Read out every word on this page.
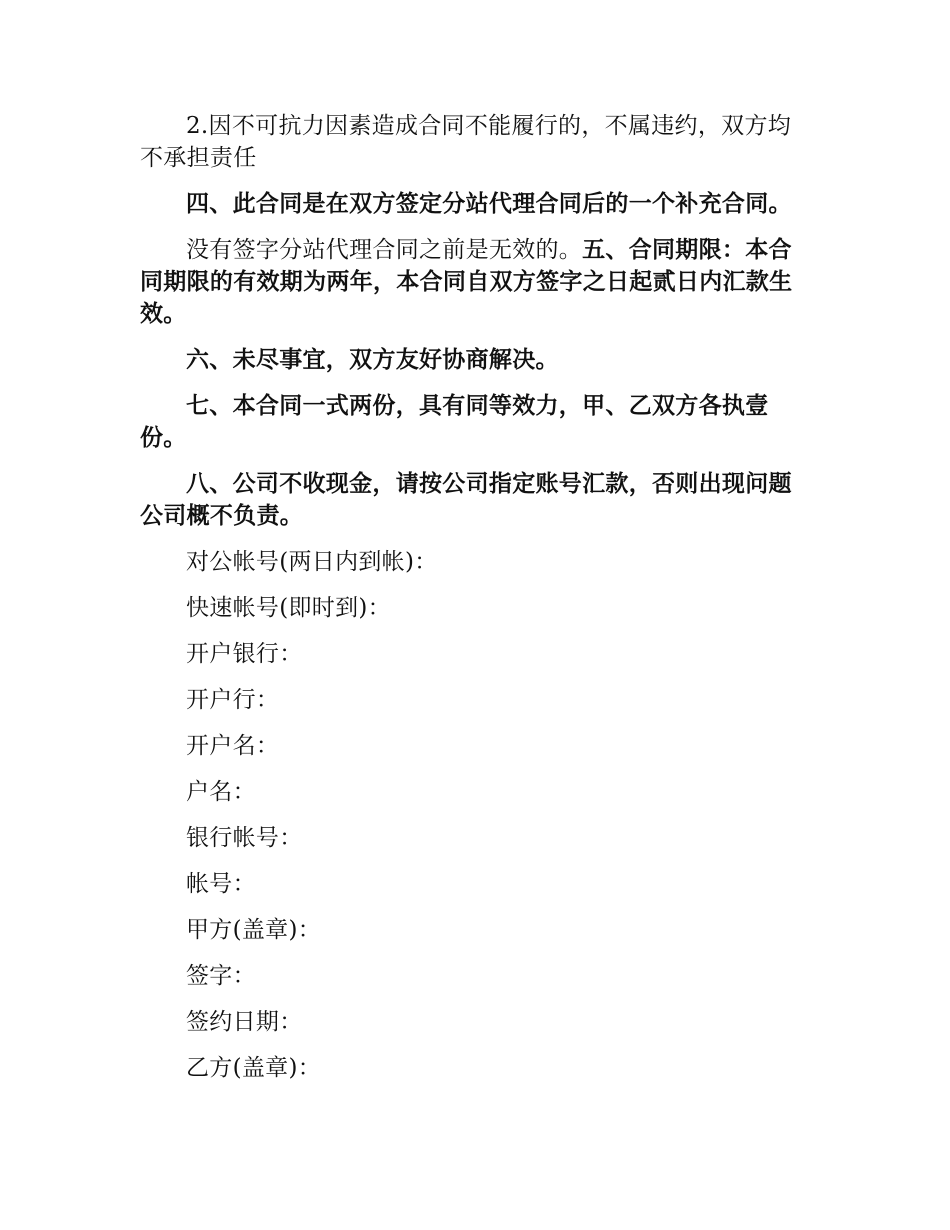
2.因不可抗力因素造成合同不能履行的，不属违约，双方均不承担责任

四、此合同是在双方签定分站代理合同后的一个补充合同。

没有签字分站代理合同之前是无效的。五、合同期限：本合同期限的有效期为两年，本合同自双方签字之日起贰日内汇款生效。

六、未尽事宜，双方友好协商解决。

七、本合同一式两份，具有同等效力，甲、乙双方各执壹份。

八、公司不收现金，请按公司指定账号汇款，否则出现问题公司概不负责。

对公帐号(两日内到帐)：

快速帐号(即时到)：

开户银行：

开户行：

开户名：

户名：

银行帐号：

帐号：

甲方(盖章)：

签字：

签约日期：

乙方(盖章)：
